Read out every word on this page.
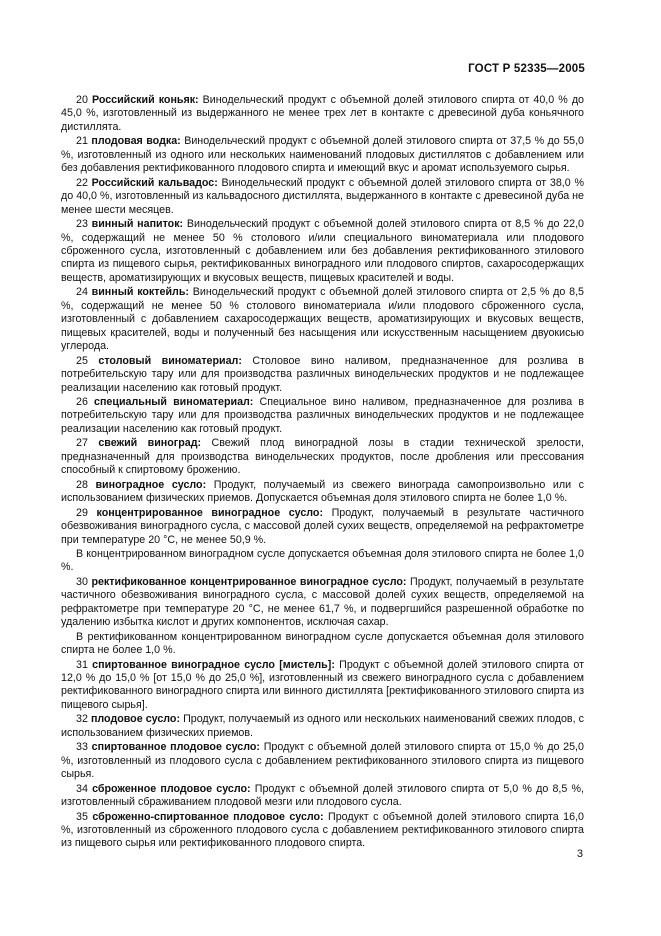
ГОСТ Р 52335—2005

20 Российский коньяк: Винодельческий продукт с объемной долей этилового спирта от 40,0 % до 45,0 %, изготовленный из выдержанного не менее трех лет в контакте с древесиной дуба коньячного дистиллята.

21 плодовая водка: Винодельческий продукт с объемной долей этилового спирта от 37,5 % до 55,0 %, изготовленный из одного или нескольких наименований плодовых дистиллятов с добавлением или без добавления ректификованного плодового спирта и имеющий вкус и аромат используемого сырья.

22 Российский кальвадос: Винодельческий продукт с объемной долей этилового спирта от 38,0 % до 40,0 %, изготовленный из кальвадосного дистиллята, выдержанного в контакте с древесиной дуба не менее шести месяцев.

23 винный напиток: Винодельческий продукт с объемной долей этилового спирта от 8,5 % до 22,0 %, содержащий не менее 50 % столового и/или специального виноматериала или плодового сброженного сусла, изготовленный с добавлением или без добавления ректификованного этилового спирта из пищевого сырья, ректификованных виноградного или плодового спиртов, сахаросодержащих веществ, ароматизирующих и вкусовых веществ, пищевых красителей и воды.

24 винный коктейль: Винодельческий продукт с объемной долей этилового спирта от 2,5 % до 8,5 %, содержащий не менее 50 % столового виноматериала и/или плодового сброженного сусла, изготовленный с добавлением сахаросодержащих веществ, ароматизирующих и вкусовых веществ, пищевых красителей, воды и полученный без насыщения или искусственным насыщением двуокисью углерода.

25 столовый виноматериал: Столовое вино наливом, предназначенное для розлива в потребительскую тару или для производства различных винодельческих продуктов и не подлежащее реализации населению как готовый продукт.

26 специальный виноматериал: Специальное вино наливом, предназначенное для розлива в потребительскую тару или для производства различных винодельческих продуктов и не подлежащее реализации населению как готовый продукт.

27 свежий виноград: Свежий плод виноградной лозы в стадии технической зрелости, предназначенный для производства винодельческих продуктов, после дробления или прессования способный к спиртовому брожению.

28 виноградное сусло: Продукт, получаемый из свежего винограда самопроизвольно или с использованием физических приемов. Допускается объемная доля этилового спирта не более 1,0 %.

29 концентрированное виноградное сусло: Продукт, получаемый в результате частичного обезвоживания виноградного сусла, с массовой долей сухих веществ, определяемой на рефрактометре при температуре 20 °С, не менее 50,9 %.

В концентрированном виноградном сусле допускается объемная доля этилового спирта не более 1,0 %.

30 ректификованное концентрированное виноградное сусло: Продукт, получаемый в результате частичного обезвоживания виноградного сусла, с массовой долей сухих веществ, определяемой на рефрактометре при температуре 20 °С, не менее 61,7 %, и подвергшийся разрешенной обработке по удалению избытка кислот и других компонентов, исключая сахар.

В ректификованном концентрированном виноградном сусле допускается объемная доля этилового спирта не более 1,0 %.

31 спиртованное виноградное сусло [мистель]: Продукт с объемной долей этилового спирта от 12,0 % до 15,0 % [от 15,0 % до 25,0 %], изготовленный из свежего виноградного сусла с добавлением ректификованного виноградного спирта или винного дистиллята [ректификованного этилового спирта из пищевого сырья].

32 плодовое сусло: Продукт, получаемый из одного или нескольких наименований свежих плодов, с использованием физических приемов.

33 спиртованное плодовое сусло: Продукт с объемной долей этилового спирта от 15,0 % до 25,0 %, изготовленный из плодового сусла с добавлением ректификованного этилового спирта из пищевого сырья.

34 сброженное плодовое сусло: Продукт с объемной долей этилового спирта от 5,0 % до 8,5 %, изготовленный сбраживанием плодовой мезги или плодового сусла.

35 сброженно-спиртованное плодовое сусло: Продукт с объемной долей этилового спирта 16,0 %, изготовленный из сброженного плодового сусла с добавлением ректификованного этилового спирта из пищевого сырья или ректификованного плодового спирта.

3
